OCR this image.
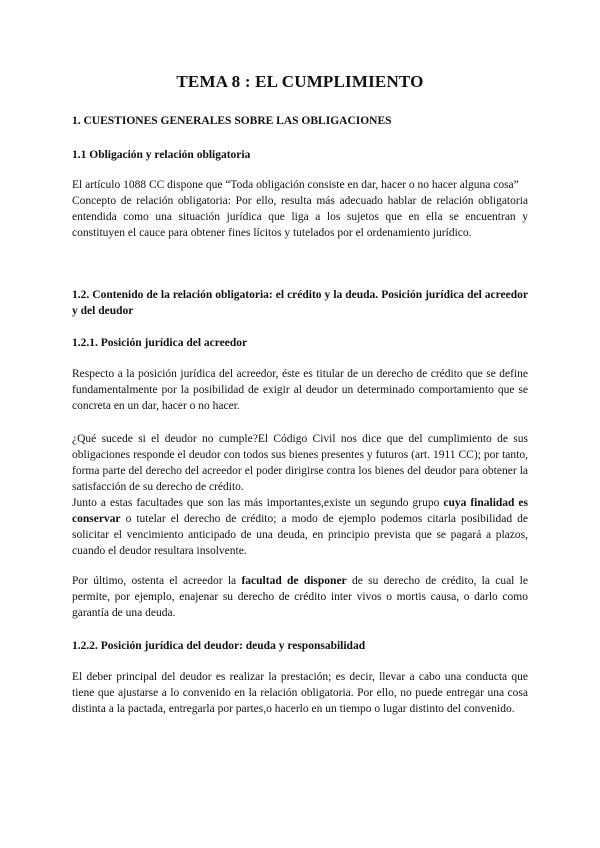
TEMA 8 : EL CUMPLIMIENTO
1. CUESTIONES GENERALES SOBRE LAS OBLIGACIONES
1.1 Obligación y relación obligatoria

El artículo 1088 CC dispone que “Toda obligación consiste en dar, hacer o no hacer alguna cosa”

Concepto de relación obligatoria: Por ello, resulta más adecuado hablar de relación obligatoria entendida como una situación jurídica que liga a los sujetos que en ella se encuentran y constituyen el cauce para obtener fines lícitos y tutelados por el ordenamiento jurídico.

1.2. Contenido de la relación obligatoria: el crédito y la deuda. Posición jurídica del acreedor y del deudor
1.2.1. Posición jurídica del acreedor
Respecto a la posición jurídica del acreedor, éste es titular de un derecho de crédito que se define fundamentalmente por la posibilidad de exigir al deudor un determinado comportamiento que se concreta en un dar, hacer o no hacer.

¿Qué sucede si el deudor no cumple?El Código Civil nos dice que del cumplimiento de sus obligaciones responde el deudor con todos sus bienes presentes y futuros (art. 1911 CC); por tanto, forma parte del derecho del acreedor el poder dirigirse contra los bienes del deudor para obtener la satisfacción de su derecho de crédito.

Junto a estas facultades que son las más importantes,existe un segundo grupo cuya finalidad es conservar o tutelar el derecho de crédito; a modo de ejemplo podemos citarla posibilidad de solicitar el vencimiento anticipado de una deuda, en principio prevista que se pagará a plazos, cuando el deudor resultara insolvente.

Por último, ostenta el acreedor la facultad de disponer de su derecho de crédito, la cual le permite, por ejemplo, enajenar su derecho de crédito inter vivos o mortis causa, o darlo como garantía de una deuda.
1.2.2. Posición jurídica del deudor: deuda y responsabilidad
El deber principal del deudor es realizar la prestación; es decir, llevar a cabo una conducta que tiene que ajustarse a lo convenido en la relación obligatoria. Por ello, no puede entregar una cosa distinta a la pactada, entregarla por partes,o hacerlo en un tiempo o lugar distinto del convenido.
